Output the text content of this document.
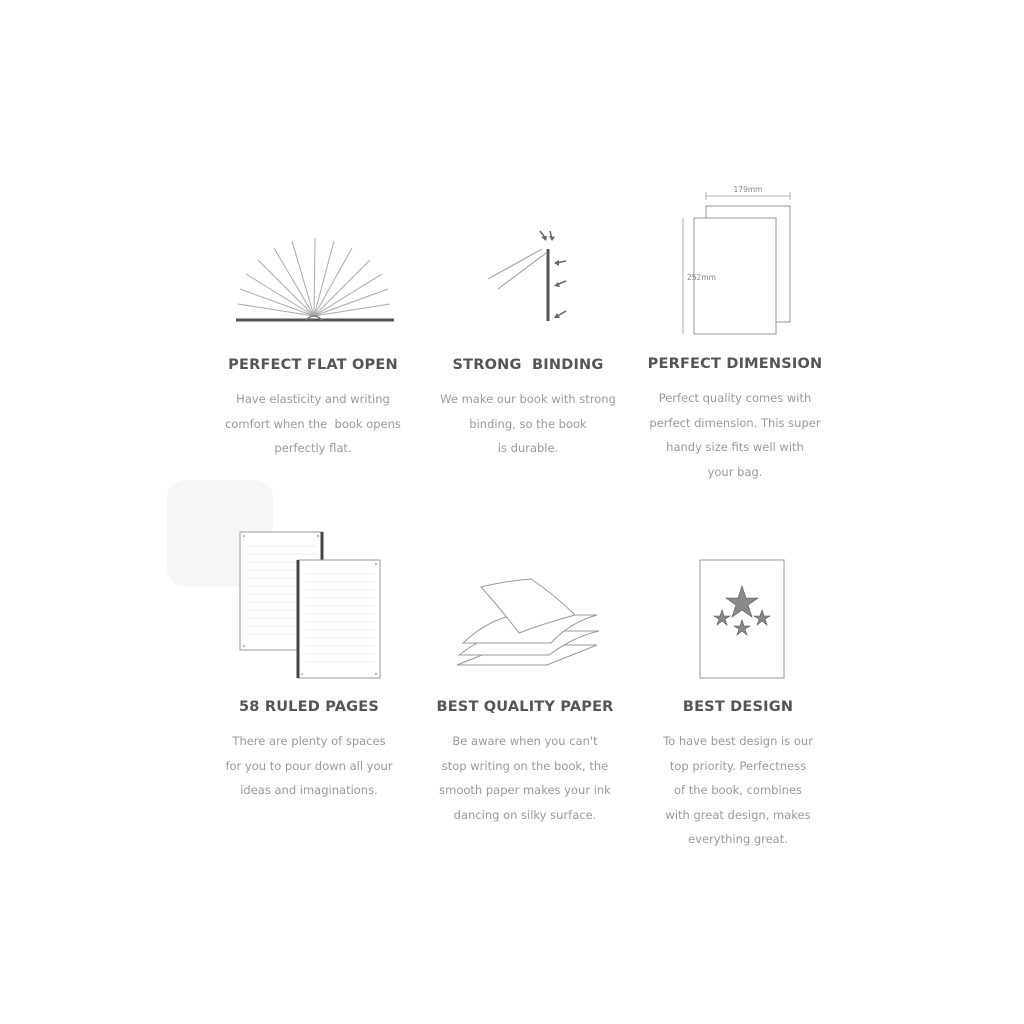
179mm
252mm

PERFECT FLAT OPEN

Have elasticity and writing
comfort when the  book opens
perfectly flat.

STRONG  BINDING

We make our book with strong
binding, so the book
is durable.

PERFECT DIMENSION

Perfect quality comes with
perfect dimension. This super
handy size fits well with
your bag.

58 RULED PAGES

There are plenty of spaces
for you to pour down all your
ideas and imaginations.

BEST QUALITY PAPER

Be aware when you can't
stop writing on the book, the
smooth paper makes your ink
dancing on silky surface.

BEST DESIGN

To have best design is our
top priority. Perfectness
of the book, combines
with great design, makes
everything great.
